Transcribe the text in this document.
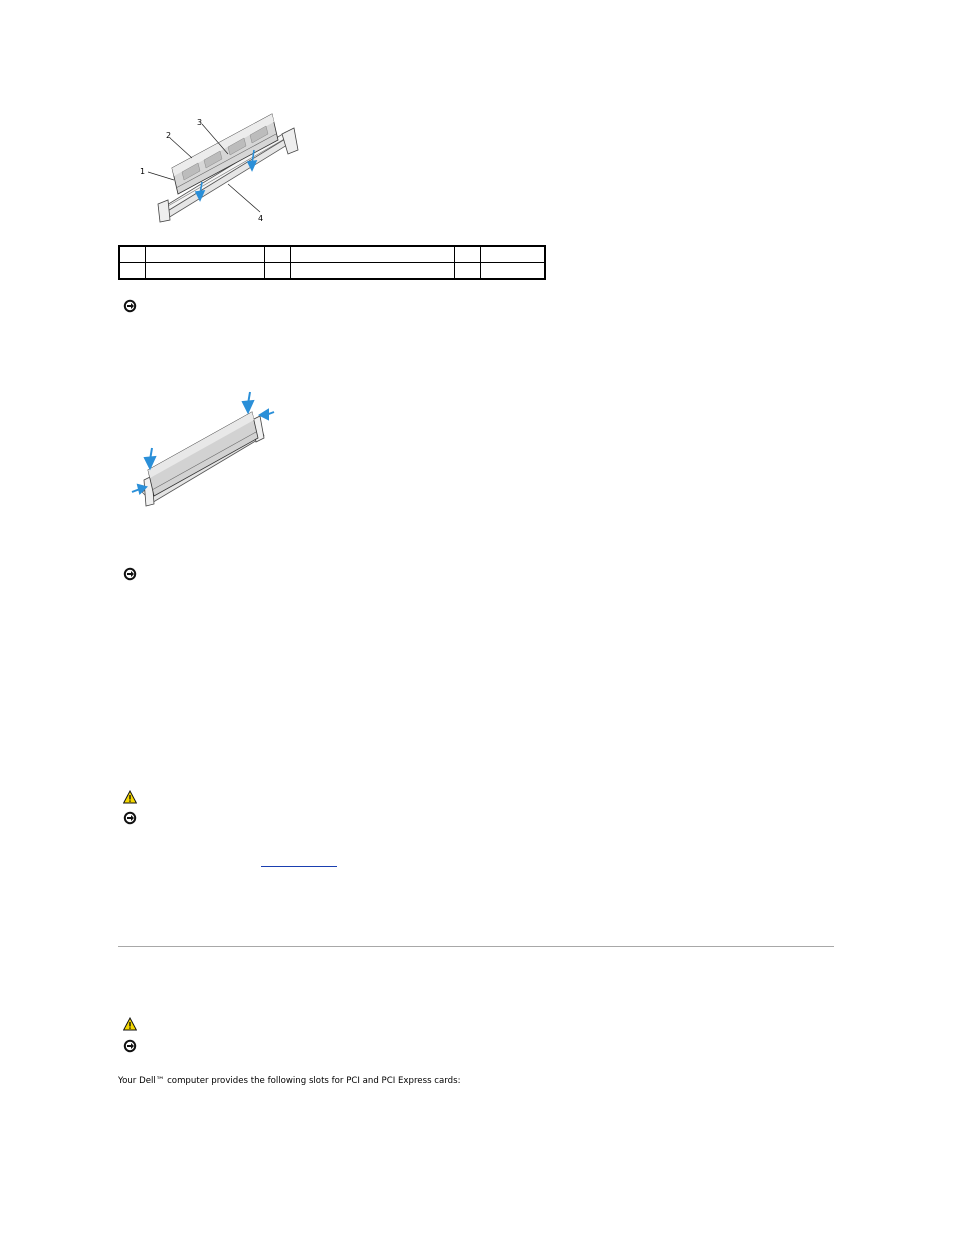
1
2
3
4

Your Dell™ computer provides the following slots for PCI and PCI Express cards:
